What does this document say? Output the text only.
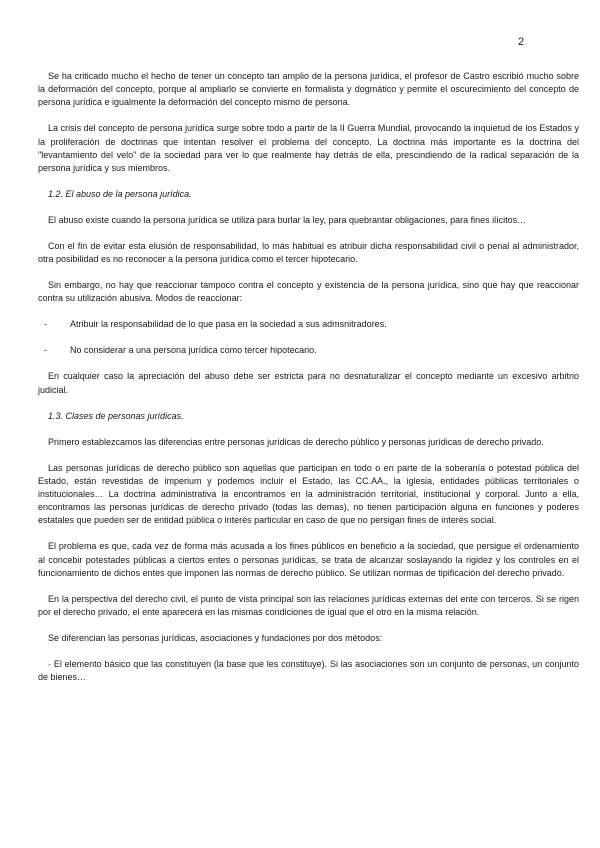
2

Se ha criticado mucho el hecho de tener un concepto tan amplio de la persona jurídica, el profesor de Castro escribió mucho sobre la deformación del concepto, porque al ampliarlo se convierte en formalista y dogmático y permite el oscurecimiento del concepto de persona jurídica e igualmente la deformación del concepto mismo de persona.

La crisis del concepto de persona jurídica surge sobre todo a partir de la II Guerra Mundial, provocando la inquietud de los Estados y la proliferación de doctrinas que intentan resolver el problema del concepto. La doctrina más importante es la doctrina del "levantamiento del velo" de la sociedad para ver lo que realmente hay detrás de ella, prescindiendo de la radical separación de la persona jurídica y sus miembros.

1.2. El abuso de la persona jurídica.

El abuso existe cuando la persona jurídica se utiliza para burlar la ley, para quebrantar obligaciones, para fines ilícitos…

Con el fin de evitar esta elusión de responsabilidad, lo más habitual es atribuir dicha responsabilidad civil o penal al administrador, otra posibilidad es no reconocer a la persona jurídica como el tercer hipotecario.

Sin embargo, no hay que reaccionar tampoco contra el concepto y existencia de la persona jurídica, sino que hay que reaccionar contra su utilización abusiva. Modos de reaccionar:

-	Atribuir la responsabilidad de lo que pasa en la sociedad a sus admsnitradores.
-	No considerar a una persona jurídica como tercer hipotecario.

En cualquier caso la apreciación del abuso debe ser estricta para no desnaturalizar el concepto mediante un excesivo arbitrio judicial.

1.3. Clases de personas jurídicas.

Primero establezcamos las diferencias entre personas jurídicas de derecho público y personas jurídicas de derecho privado.

Las personas jurídicas de derecho público son aquellas que participan en todo o en parte de la soberanía o potestad pública del Estado, están revestidas de imperium y podemos incluir el Estado, las CC.AA., la iglesia, entidades públicas territoriales o institucionales… La doctrina administrativa la encontramos en la administración territorial, institucional y corporal. Junto a ella, encontramos las personas jurídicas de derecho privado (todas las demas), no tienen participación alguna en funciones y poderes estatales que pueden ser de entidad pública o interés particular en caso de que no persigan fines de interés social.

El problema es que, cada vez de forma más acusada a los fines públicos en beneficio a la sociedad, que persigue el ordenamiento al concebir potestades públicas a ciertos entes o personas jurídicas, se trata de alcanzar soslayando la rigidez y los controles en el funcionamiento de dichos entes que imponen las normas de derecho público. Se utilizan normas de tipificación del derecho privado.

En la perspectiva del derecho civil, el punto de vista principal son las relaciones jurídicas externas del ente con terceros. Si se rigen por el derecho privado, el ente aparecerá en las mismas condiciones de igual que el otro en la misma relación.

Se diferencian las personas jurídicas, asociaciones y fundaciones por dos métodos:

· El elemento básico que las constituyen (la base que les constituye). Si las asociaciones son un conjunto de personas, un conjunto de bienes…
